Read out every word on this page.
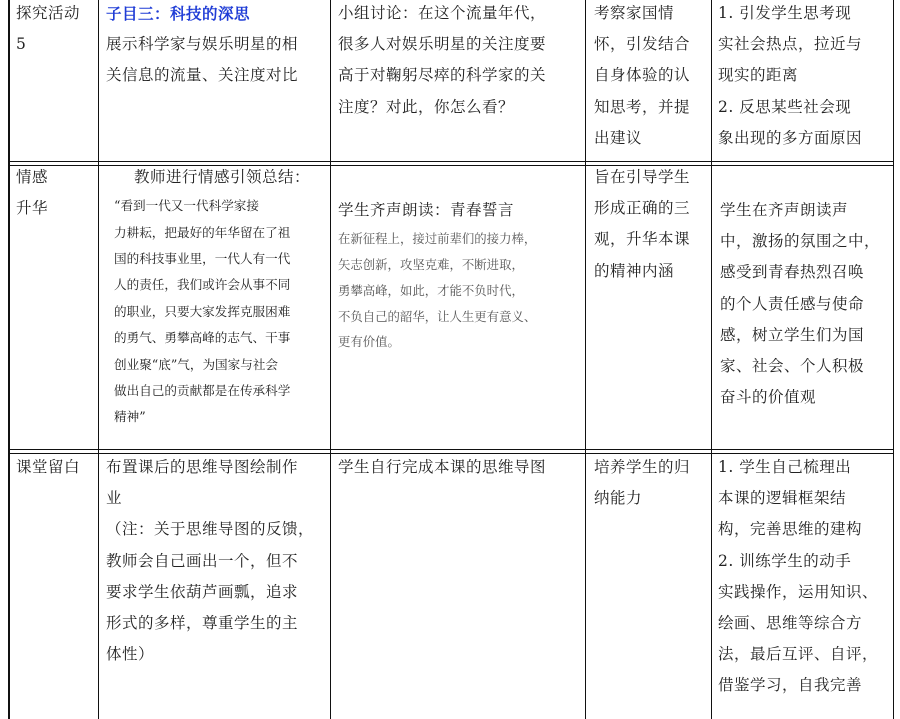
探究活动
5
子目三：科技的深思
展示科学家与娱乐明星的相
关信息的流量、关注度对比
小组讨论：在这个流量年代，
很多人对娱乐明星的关注度要
高于对鞠躬尽瘁的科学家的关
注度？对此，你怎么看？
考察家国情
怀，引发结合
自身体验的认
知思考，并提
出建议
1. 引发学生思考现
实社会热点，拉近与
现实的距离
2. 反思某些社会现
象出现的多方面原因
情感
升华
教师进行情感引领总结：
“看到一代又一代科学家接
力耕耘，把最好的年华留在了祖
国的科技事业里，一代人有一代
人的责任，我们或许会从事不同
的职业，只要大家发挥克服困难
的勇气、勇攀高峰的志气、干事
创业聚“底”气，为国家与社会
做出自己的贡献都是在传承科学
精神”
学生齐声朗读：青春誓言
在新征程上，接过前辈们的接力棒，
矢志创新，攻坚克难，不断进取，
勇攀高峰，如此，才能不负时代，
不负自己的韶华，让人生更有意义、
更有价值。
旨在引导学生
形成正确的三
观，升华本课
的精神内涵
学生在齐声朗读声
中，激扬的氛围之中，
感受到青春热烈召唤
的个人责任感与使命
感，树立学生们为国
家、社会、个人积极
奋斗的价值观
课堂留白	布置课后的思维导图绘制作
业
（注：关于思维导图的反馈，
教师会自己画出一个，但不
要求学生依葫芦画瓢，追求
形式的多样，尊重学生的主
体性）
学生自行完成本课的思维导图	培养学生的归
纳能力
1. 学生自己梳理出
本课的逻辑框架结
构，完善思维的建构
2. 训练学生的动手
实践操作，运用知识、
绘画、思维等综合方
法，最后互评、自评，
借鉴学习，自我完善
